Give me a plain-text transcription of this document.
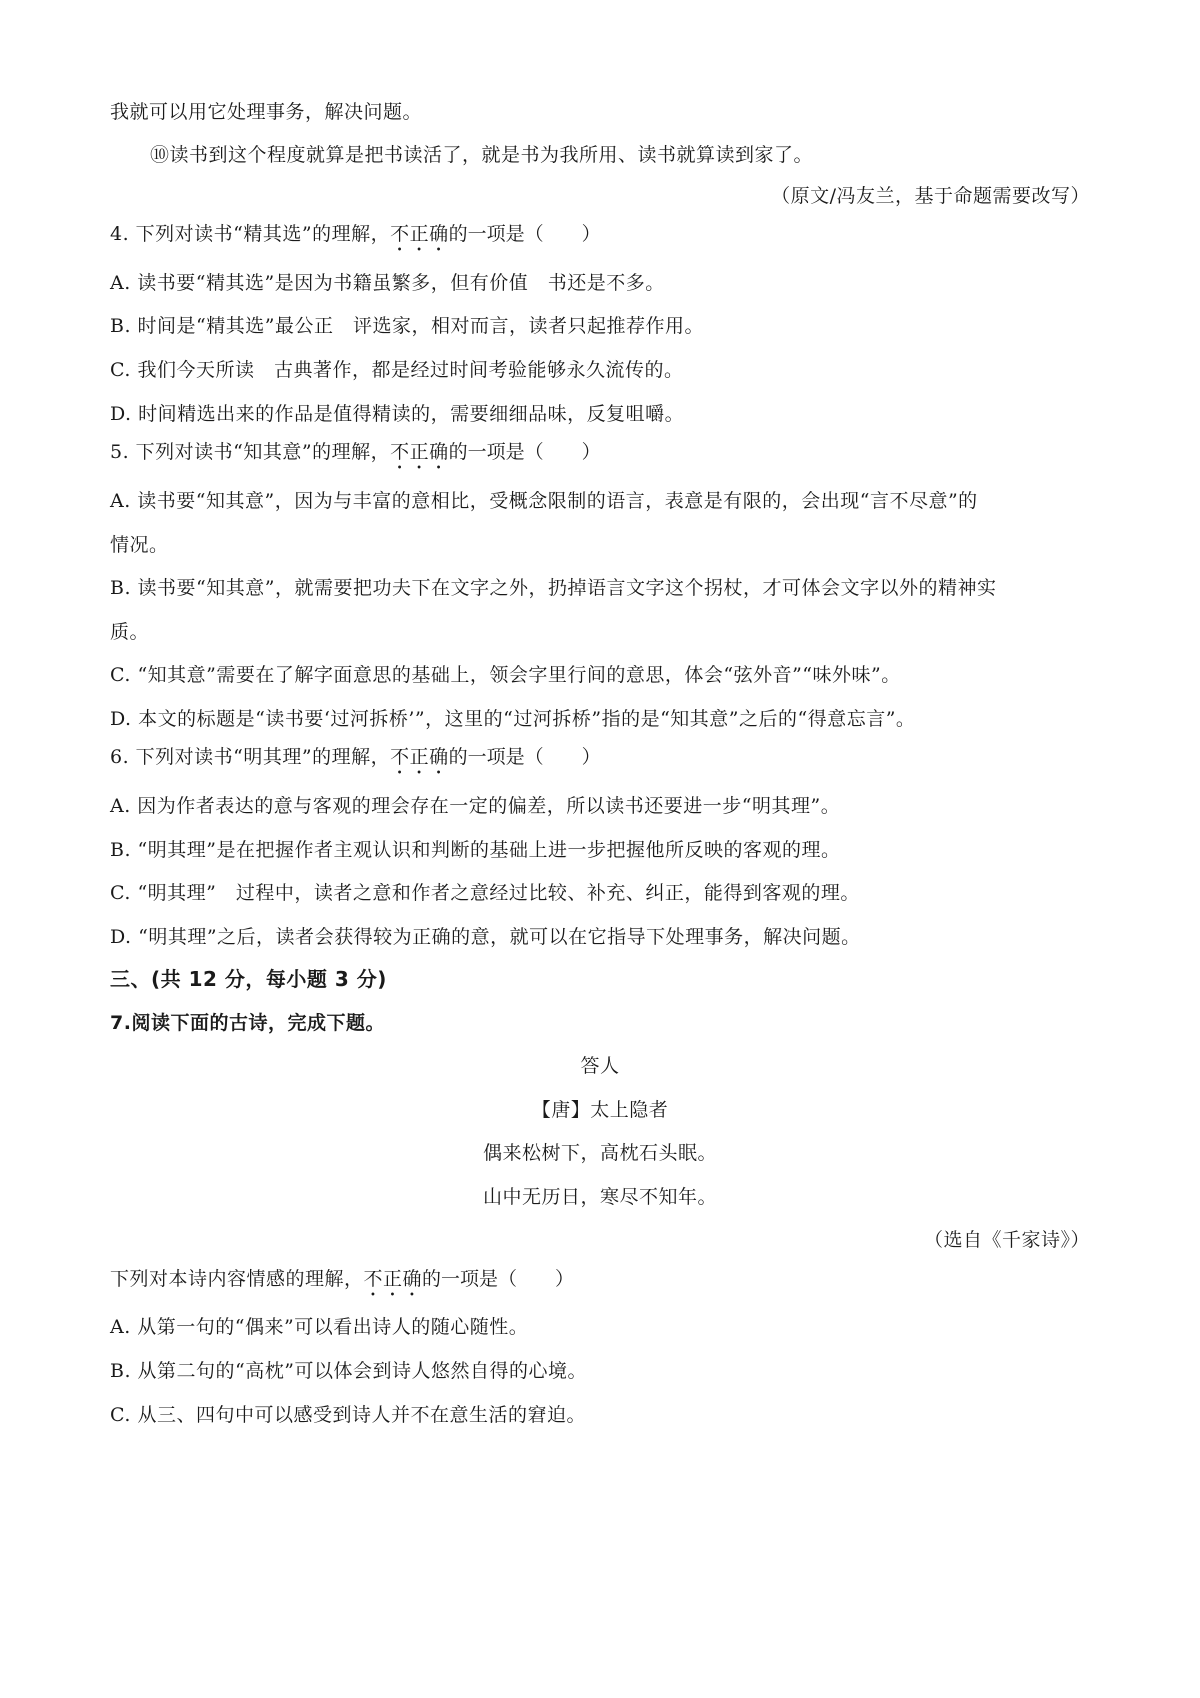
我就可以用它处理事务，解决问题。
⑩读书到这个程度就算是把书读活了，就是书为我所用、读书就算读到家了。
（原文/冯友兰，基于命题需要改写）
4. 下列对读书“精其选”的理解，不正确的一项是（　　）
A. 读书要“精其选”是因为书籍虽繁多，但有价值　书还是不多。
B. 时间是“精其选”最公正　评选家，相对而言，读者只起推荐作用。
C. 我们今天所读　古典著作，都是经过时间考验能够永久流传的。
D. 时间精选出来的作品是值得精读的，需要细细品味，反复咀嚼。
5. 下列对读书“知其意”的理解，不正确的一项是（　　）
A. 读书要“知其意”，因为与丰富的意相比，受概念限制的语言，表意是有限的，会出现“言不尽意”的
情况。
B. 读书要“知其意”，就需要把功夫下在文字之外，扔掉语言文字这个拐杖，才可体会文字以外的精神实
质。
C. “知其意”需要在了解字面意思的基础上，领会字里行间的意思，体会“弦外音”“味外味”。
D. 本文的标题是“读书要‘过河拆桥’”，这里的“过河拆桥”指的是“知其意”之后的“得意忘言”。
6. 下列对读书“明其理”的理解，不正确的一项是（　　）
A. 因为作者表达的意与客观的理会存在一定的偏差，所以读书还要进一步“明其理”。
B. “明其理”是在把握作者主观认识和判断的基础上进一步把握他所反映的客观的理。
C. “明其理”　过程中，读者之意和作者之意经过比较、补充、纠正，能得到客观的理。
D. “明其理”之后，读者会获得较为正确的意，就可以在它指导下处理事务，解决问题。
三、(共 12 分，每小题 3 分)
7.阅读下面的古诗，完成下题。
答人
【唐】太上隐者
偶来松树下，高枕石头眠。
山中无历日，寒尽不知年。
（选自《千家诗》）
下列对本诗内容情感的理解，不正确的一项是（　　）
A. 从第一句的“偶来”可以看出诗人的随心随性。
B. 从第二句的“高枕”可以体会到诗人悠然自得的心境。
C. 从三、四句中可以感受到诗人并不在意生活的窘迫。
